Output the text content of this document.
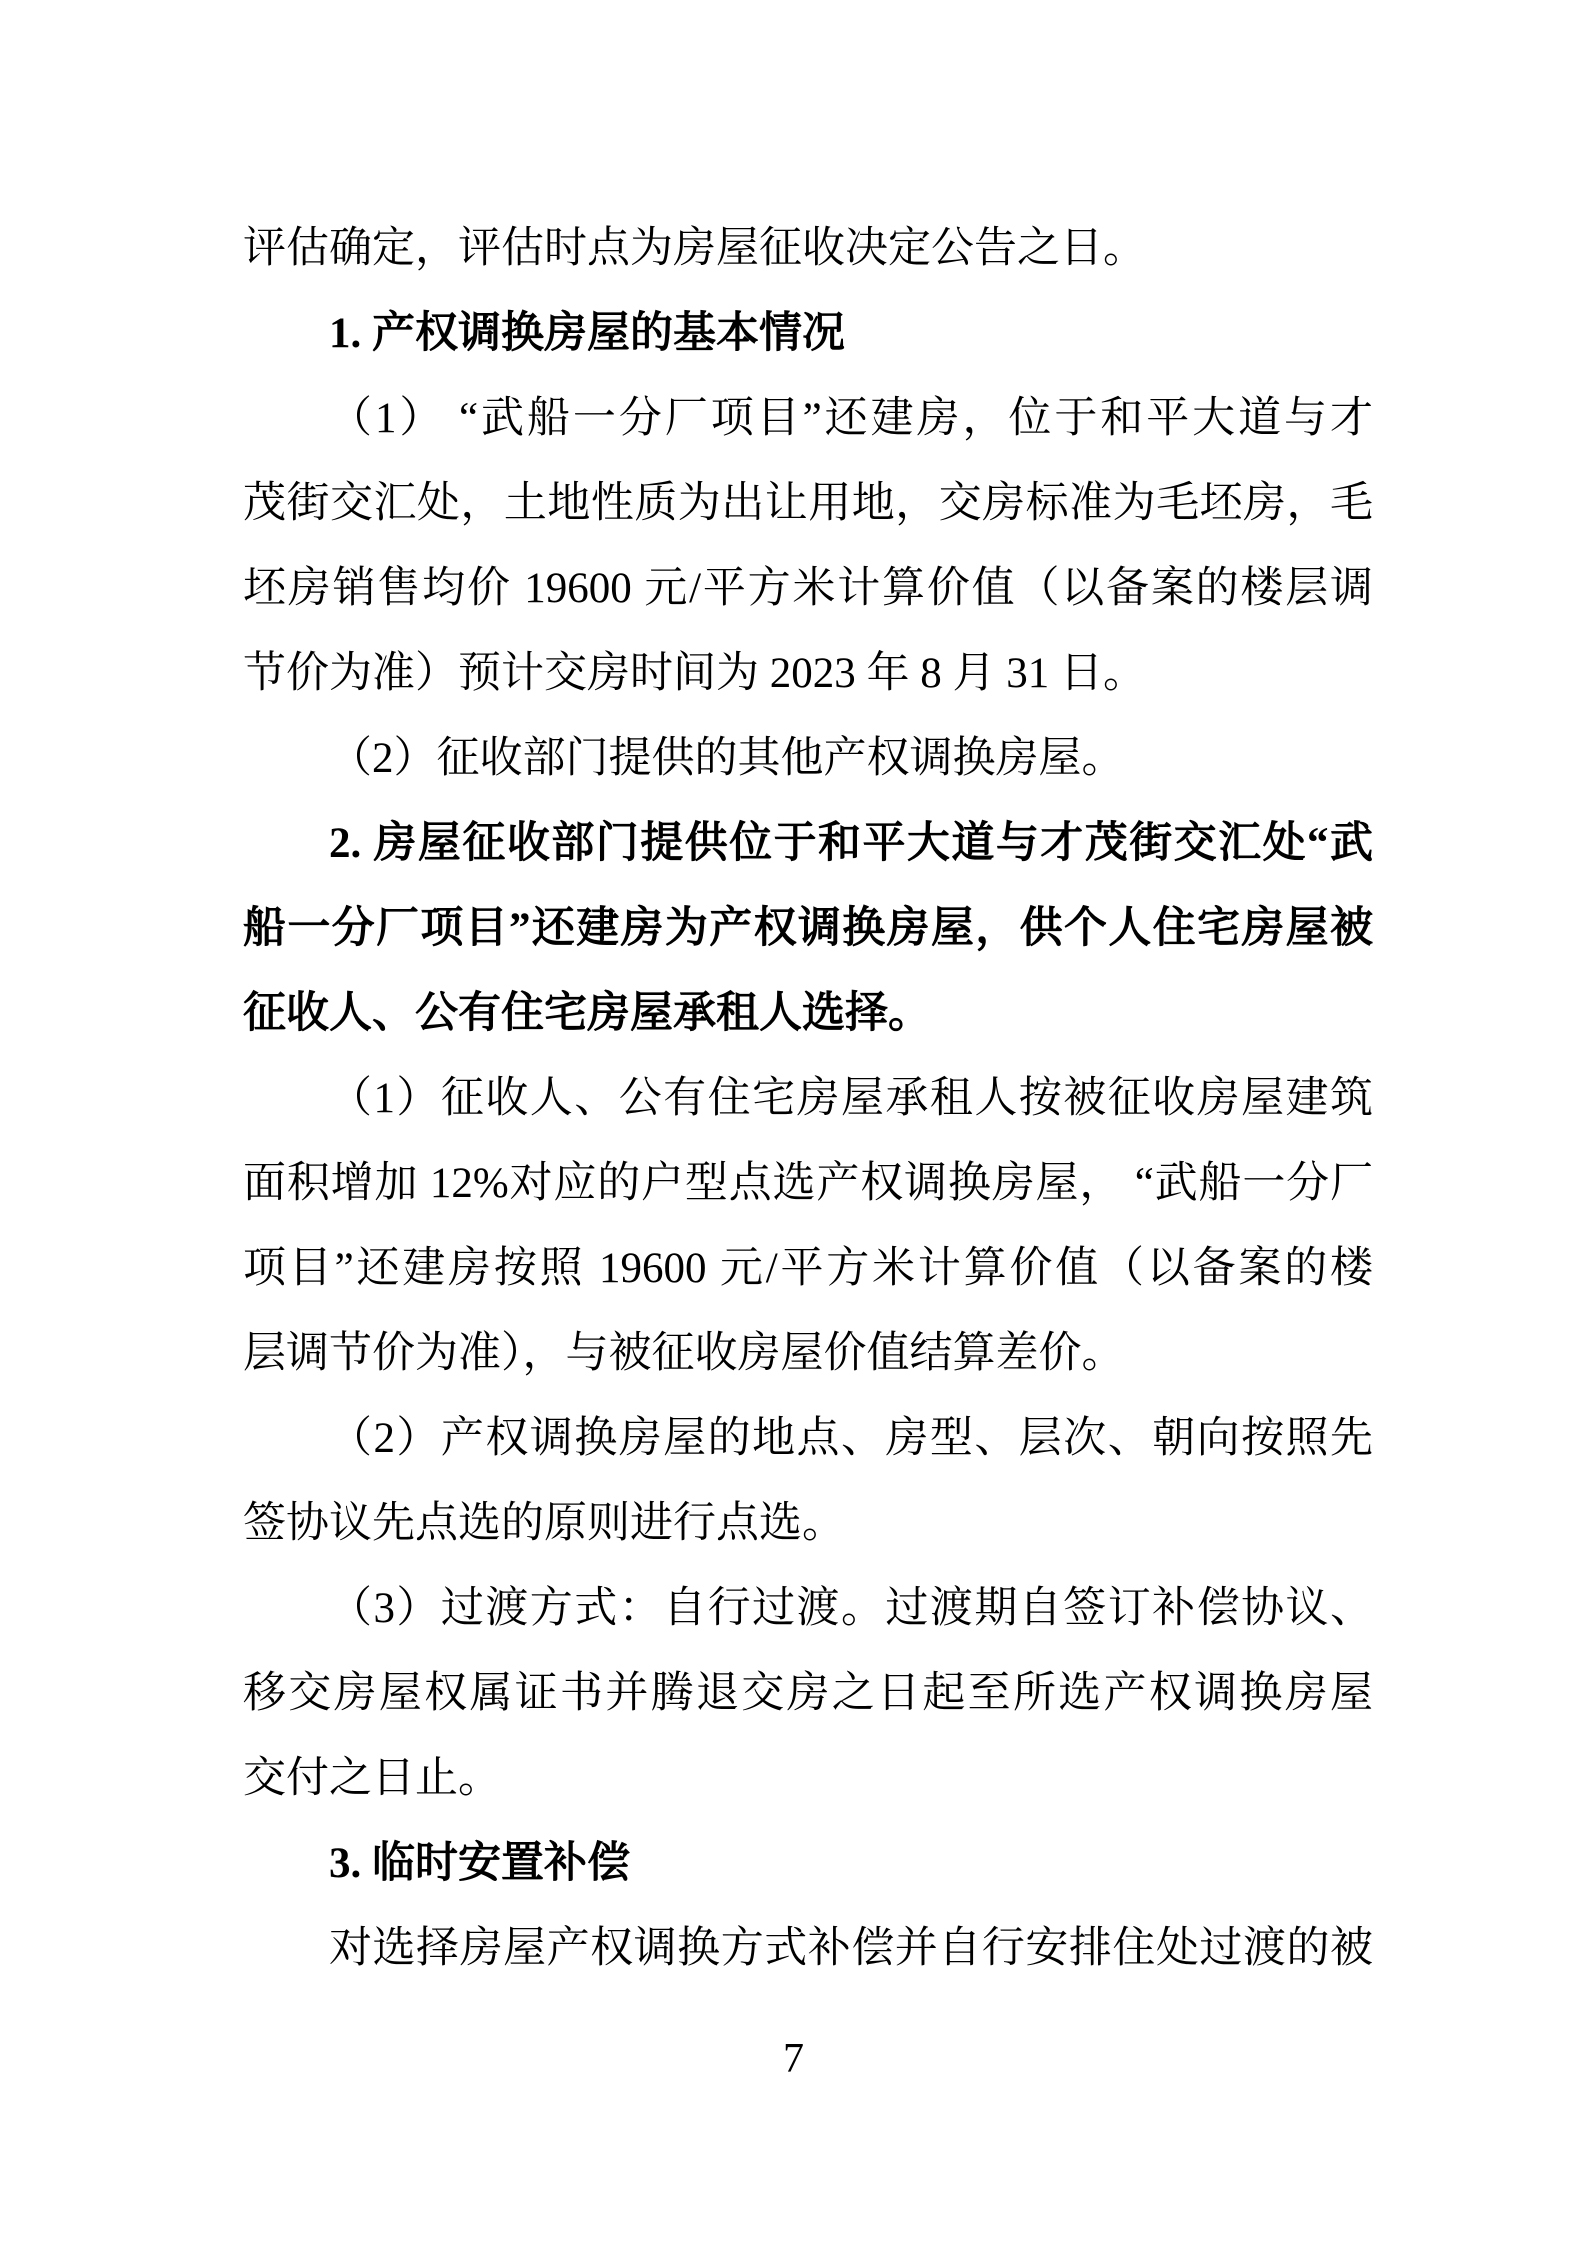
评估确定，评估时点为房屋征收决定公告之日。
1. 产权调换房屋的基本情况
（1） “武船一分厂项目”还建房，位于和平大道与才
茂街交汇处，土地性质为出让用地，交房标准为毛坯房，毛
坯房销售均价 19600 元/平方米计算价值（以备案的楼层调
节价为准）预计交房时间为 2023 年 8 月 31 日。
（2）征收部门提供的其他产权调换房屋。
2. 房屋征收部门提供位于和平大道与才茂街交汇处“武
船一分厂项目”还建房为产权调换房屋，供个人住宅房屋被
征收人、公有住宅房屋承租人选择。
（1）征收人、公有住宅房屋承租人按被征收房屋建筑
面积增加 12%对应的户型点选产权调换房屋， “武船一分厂
项目”还建房按照 19600 元/平方米计算价值（以备案的楼
层调节价为准），与被征收房屋价值结算差价。
（2）产权调换房屋的地点、房型、层次、朝向按照先
签协议先点选的原则进行点选。
（3）过渡方式：自行过渡。过渡期自签订补偿协议、
移交房屋权属证书并腾退交房之日起至所选产权调换房屋
交付之日止。
3. 临时安置补偿
对选择房屋产权调换方式补偿并自行安排住处过渡的被
7
